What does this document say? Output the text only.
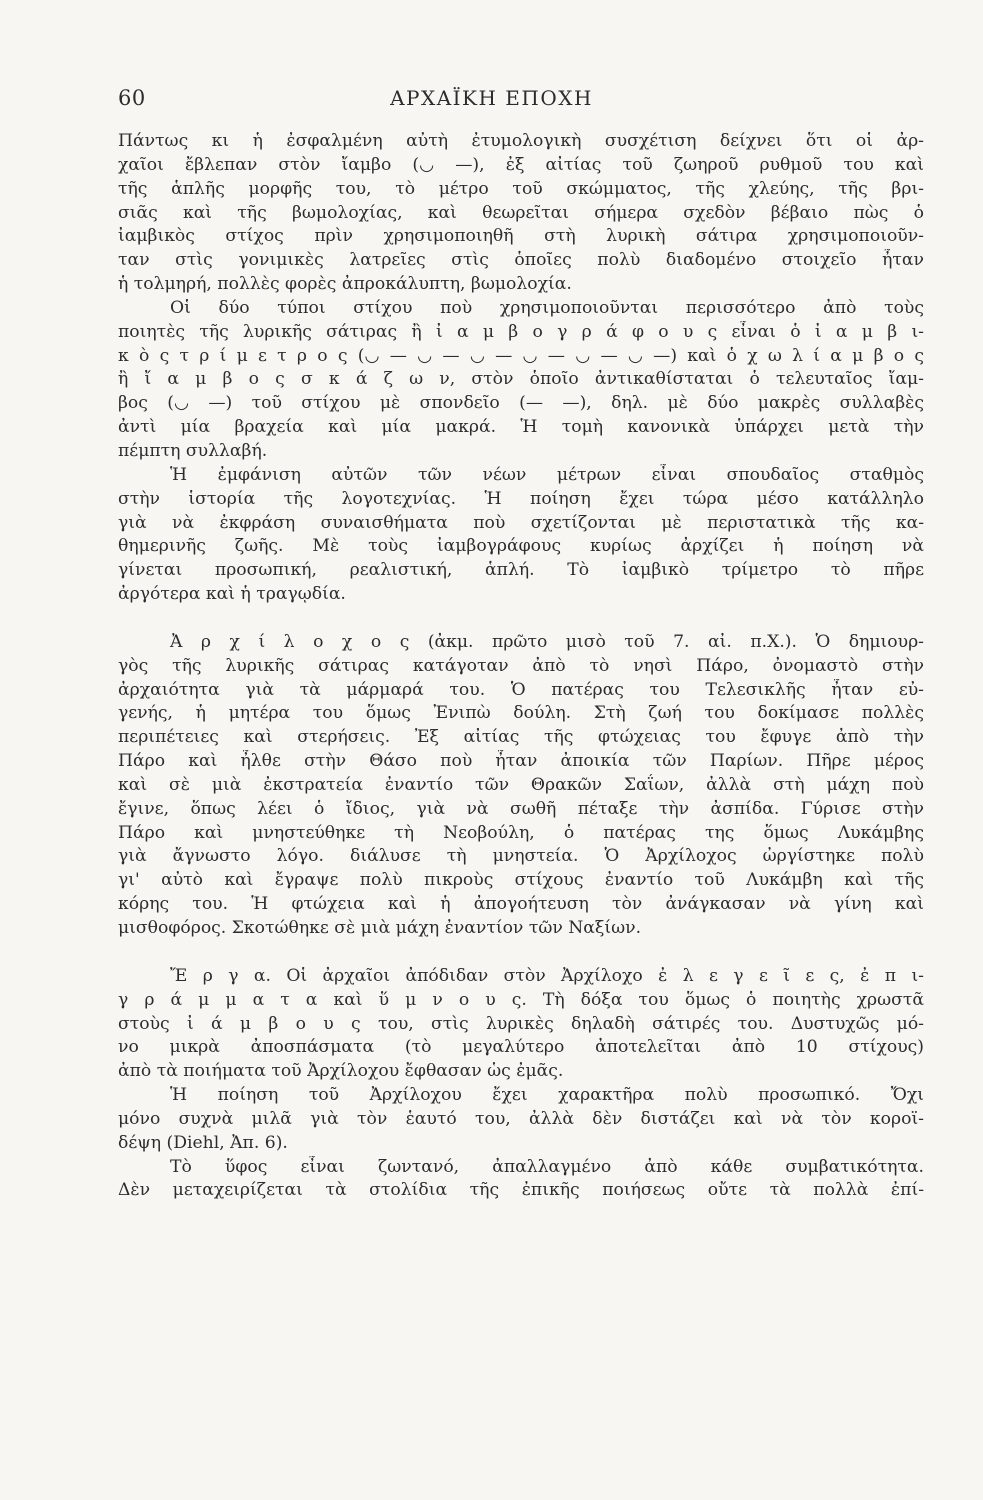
60	ΑΡΧΑΪΚΗ ΕΠΟΧΗ
Πάντως κι ἡ ἐσφαλμένη αὐτὴ ἐτυμολογικὴ συσχέτιση δείχνει ὅτι οἱ ἀρ-
χαῖοι ἔβλεπαν στὸν ἴαμβο (◡ —), ἐξ αἰτίας τοῦ ζωηροῦ ρυθμοῦ του καὶ
τῆς ἁπλῆς μορφῆς του, τὸ μέτρο τοῦ σκώμματος, τῆς χλεύης, τῆς βρι-
σιᾶς καὶ τῆς βωμολοχίας, καὶ θεωρεῖται σήμερα σχεδὸν βέβαιο πὼς ὁ
ἰαμβικὸς στίχος πρὶν χρησιμοποιηθῆ στὴ λυρικὴ σάτιρα χρησιμοποιοῦν-
ταν στὶς γονιμικὲς λατρεῖες στὶς ὁποῖες πολὺ διαδομένο στοιχεῖο ἦταν
ἡ τολμηρή, πολλὲς φορὲς ἀπροκάλυπτη, βωμολοχία.
Οἱ δύο τύποι στίχου ποὺ χρησιμοποιοῦνται περισσότερο ἀπὸ τοὺς
ποιητὲς τῆς λυρικῆς σάτιρας ἢ ἰ α μ β ο γ ρ ά φ ο υ ς εἶναι ὁ ἰ α μ β ι-
κ ὸ ς τ ρ ί μ ε τ ρ ο ς (◡ — ◡ — ◡ — ◡ — ◡ — ◡ —) καὶ ὁ χ ω λ ί α μ β ο ς
ἢ ἴ α μ β ο ς σ κ ά ζ ω ν, στὸν ὁποῖο ἀντικαθίσταται ὁ τελευταῖος ἴαμ-
βος (◡ —) τοῦ στίχου μὲ σπονδεῖο (— —), δηλ. μὲ δύο μακρὲς συλλαβὲς
ἀντὶ μία βραχεία καὶ μία μακρά. Ἡ τομὴ κανονικὰ ὑπάρχει μετὰ τὴν
πέμπτη συλλαβή.
Ἡ ἐμφάνιση αὐτῶν τῶν νέων μέτρων εἶναι σπουδαῖος σταθμὸς
στὴν ἱστορία τῆς λογοτεχνίας. Ἡ ποίηση ἔχει τώρα μέσο κατάλληλο
γιὰ νὰ ἐκφράση συναισθήματα ποὺ σχετίζονται μὲ περιστατικὰ τῆς κα-
θημερινῆς ζωῆς. Μὲ τοὺς ἰαμβογράφους κυρίως ἀρχίζει ἡ ποίηση νὰ
γίνεται προσωπική, ρεαλιστική, ἁπλή. Τὸ ἰαμβικὸ τρίμετρο τὸ πῆρε
ἀργότερα καὶ ἡ τραγῳδία.
Ἀ ρ χ ί λ ο χ ο ς (ἀκμ. πρῶτο μισὸ τοῦ 7. αἰ. π.Χ.). Ὁ δημιουρ-
γὸς τῆς λυρικῆς σάτιρας κατάγοταν ἀπὸ τὸ νησὶ Πάρο, ὀνομαστὸ στὴν
ἀρχαιότητα γιὰ τὰ μάρμαρά του. Ὁ πατέρας του Τελεσικλῆς ἦταν εὐ-
γενής, ἡ μητέρα του ὅμως Ἐνιπὼ δούλη. Στὴ ζωή του δοκίμασε πολλὲς
περιπέτειες καὶ στερήσεις. Ἐξ αἰτίας τῆς φτώχειας του ἔφυγε ἀπὸ τὴν
Πάρο καὶ ἦλθε στὴν Θάσο ποὺ ἦταν ἀποικία τῶν Παρίων. Πῆρε μέρος
καὶ σὲ μιὰ ἐκστρατεία ἐναντίο τῶν Θρακῶν Σαΐων, ἀλλὰ στὴ μάχη ποὺ
ἔγινε, ὅπως λέει ὁ ἴδιος, γιὰ νὰ σωθῆ πέταξε τὴν ἀσπίδα. Γύρισε στὴν
Πάρο καὶ μνηστεύθηκε τὴ Νεοβούλη, ὁ πατέρας της ὅμως Λυκάμβης
γιὰ ἄγνωστο λόγο. διάλυσε τὴ μνηστεία. Ὁ Ἀρχίλοχος ὠργίστηκε πολὺ
γι' αὐτὸ καὶ ἔγραψε πολὺ πικροὺς στίχους ἐναντίο τοῦ Λυκάμβη καὶ τῆς
κόρης του. Ἡ φτώχεια καὶ ἡ ἀπογοήτευση τὸν ἀνάγκασαν νὰ γίνη καὶ
μισθοφόρος. Σκοτώθηκε σὲ μιὰ μάχη ἐναντίον τῶν Ναξίων.
Ἔ ρ γ α. Οἱ ἀρχαῖοι ἀπόδιδαν στὸν Ἀρχίλοχο ἐ λ ε γ ε ῖ ε ς, ἐ π ι-
γ ρ ά μ μ α τ α καὶ ὕ μ ν ο υ ς. Τὴ δόξα του ὅμως ὁ ποιητὴς χρωστᾶ
στοὺς ἰ ά μ β ο υ ς του, στὶς λυρικὲς δηλαδὴ σάτιρές του. Δυστυχῶς μό-
νο μικρὰ ἀποσπάσματα (τὸ μεγαλύτερο ἀποτελεῖται ἀπὸ 10 στίχους)
ἀπὸ τὰ ποιήματα τοῦ Ἀρχίλοχου ἔφθασαν ὡς ἐμᾶς.
Ἡ ποίηση τοῦ Ἀρχίλοχου ἔχει χαρακτῆρα πολὺ προσωπικό. Ὄχι
μόνο συχνὰ μιλᾶ γιὰ τὸν ἑαυτό του, ἀλλὰ δὲν διστάζει καὶ νὰ τὸν κοροϊ-
δέψη (Diehl, Ἀπ. 6).
Τὸ ὕφος εἶναι ζωντανό, ἀπαλλαγμένο ἀπὸ κάθε συμβατικότητα.
Δὲν μεταχειρίζεται τὰ στολίδια τῆς ἐπικῆς ποιήσεως οὔτε τὰ πολλὰ ἐπί-
